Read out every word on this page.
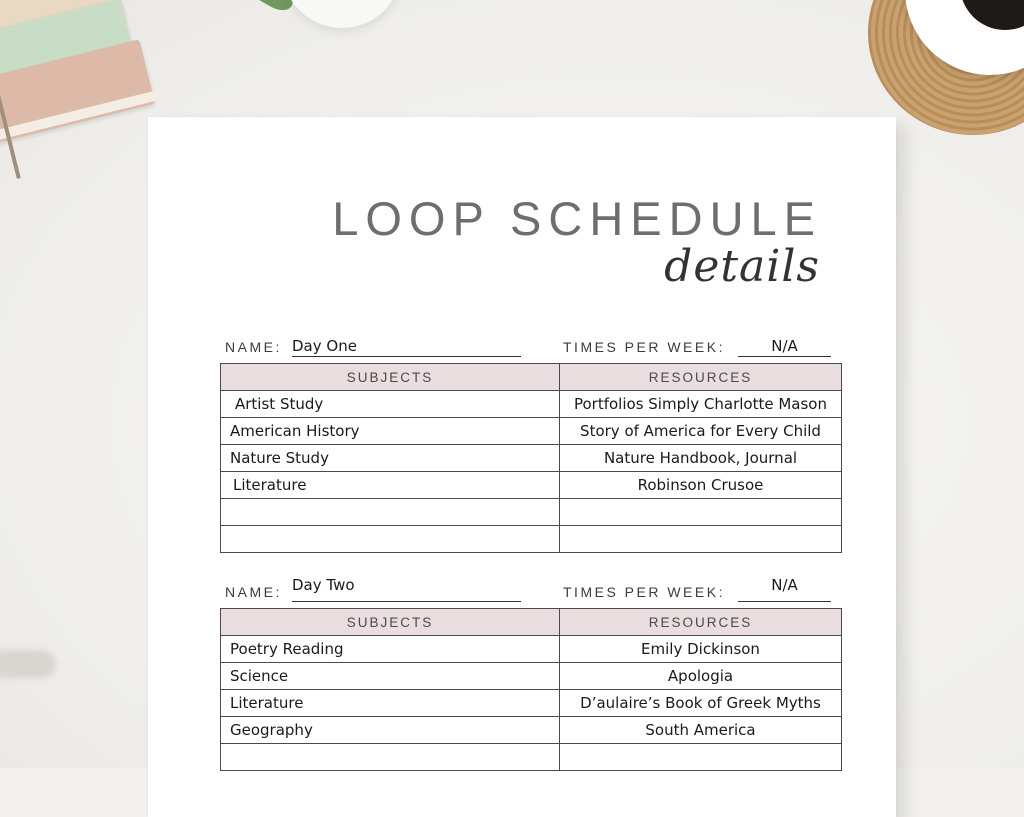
LOOP SCHEDULE
details
NAME: Day One	TIMES PER WEEK:	N/A
SUBJECTS	RESOURCES
Artist Study	Portfolios Simply Charlotte Mason
American History	Story of America for Every Child
Nature Study	Nature Handbook, Journal
Literature	Robinson Crusoe

NAME: Day Two	TIMES PER WEEK:	N/A
SUBJECTS	RESOURCES
Poetry Reading	Emily Dickinson
Science	Apologia
Literature	D’aulaire’s Book of Greek Myths
Geography	South America
